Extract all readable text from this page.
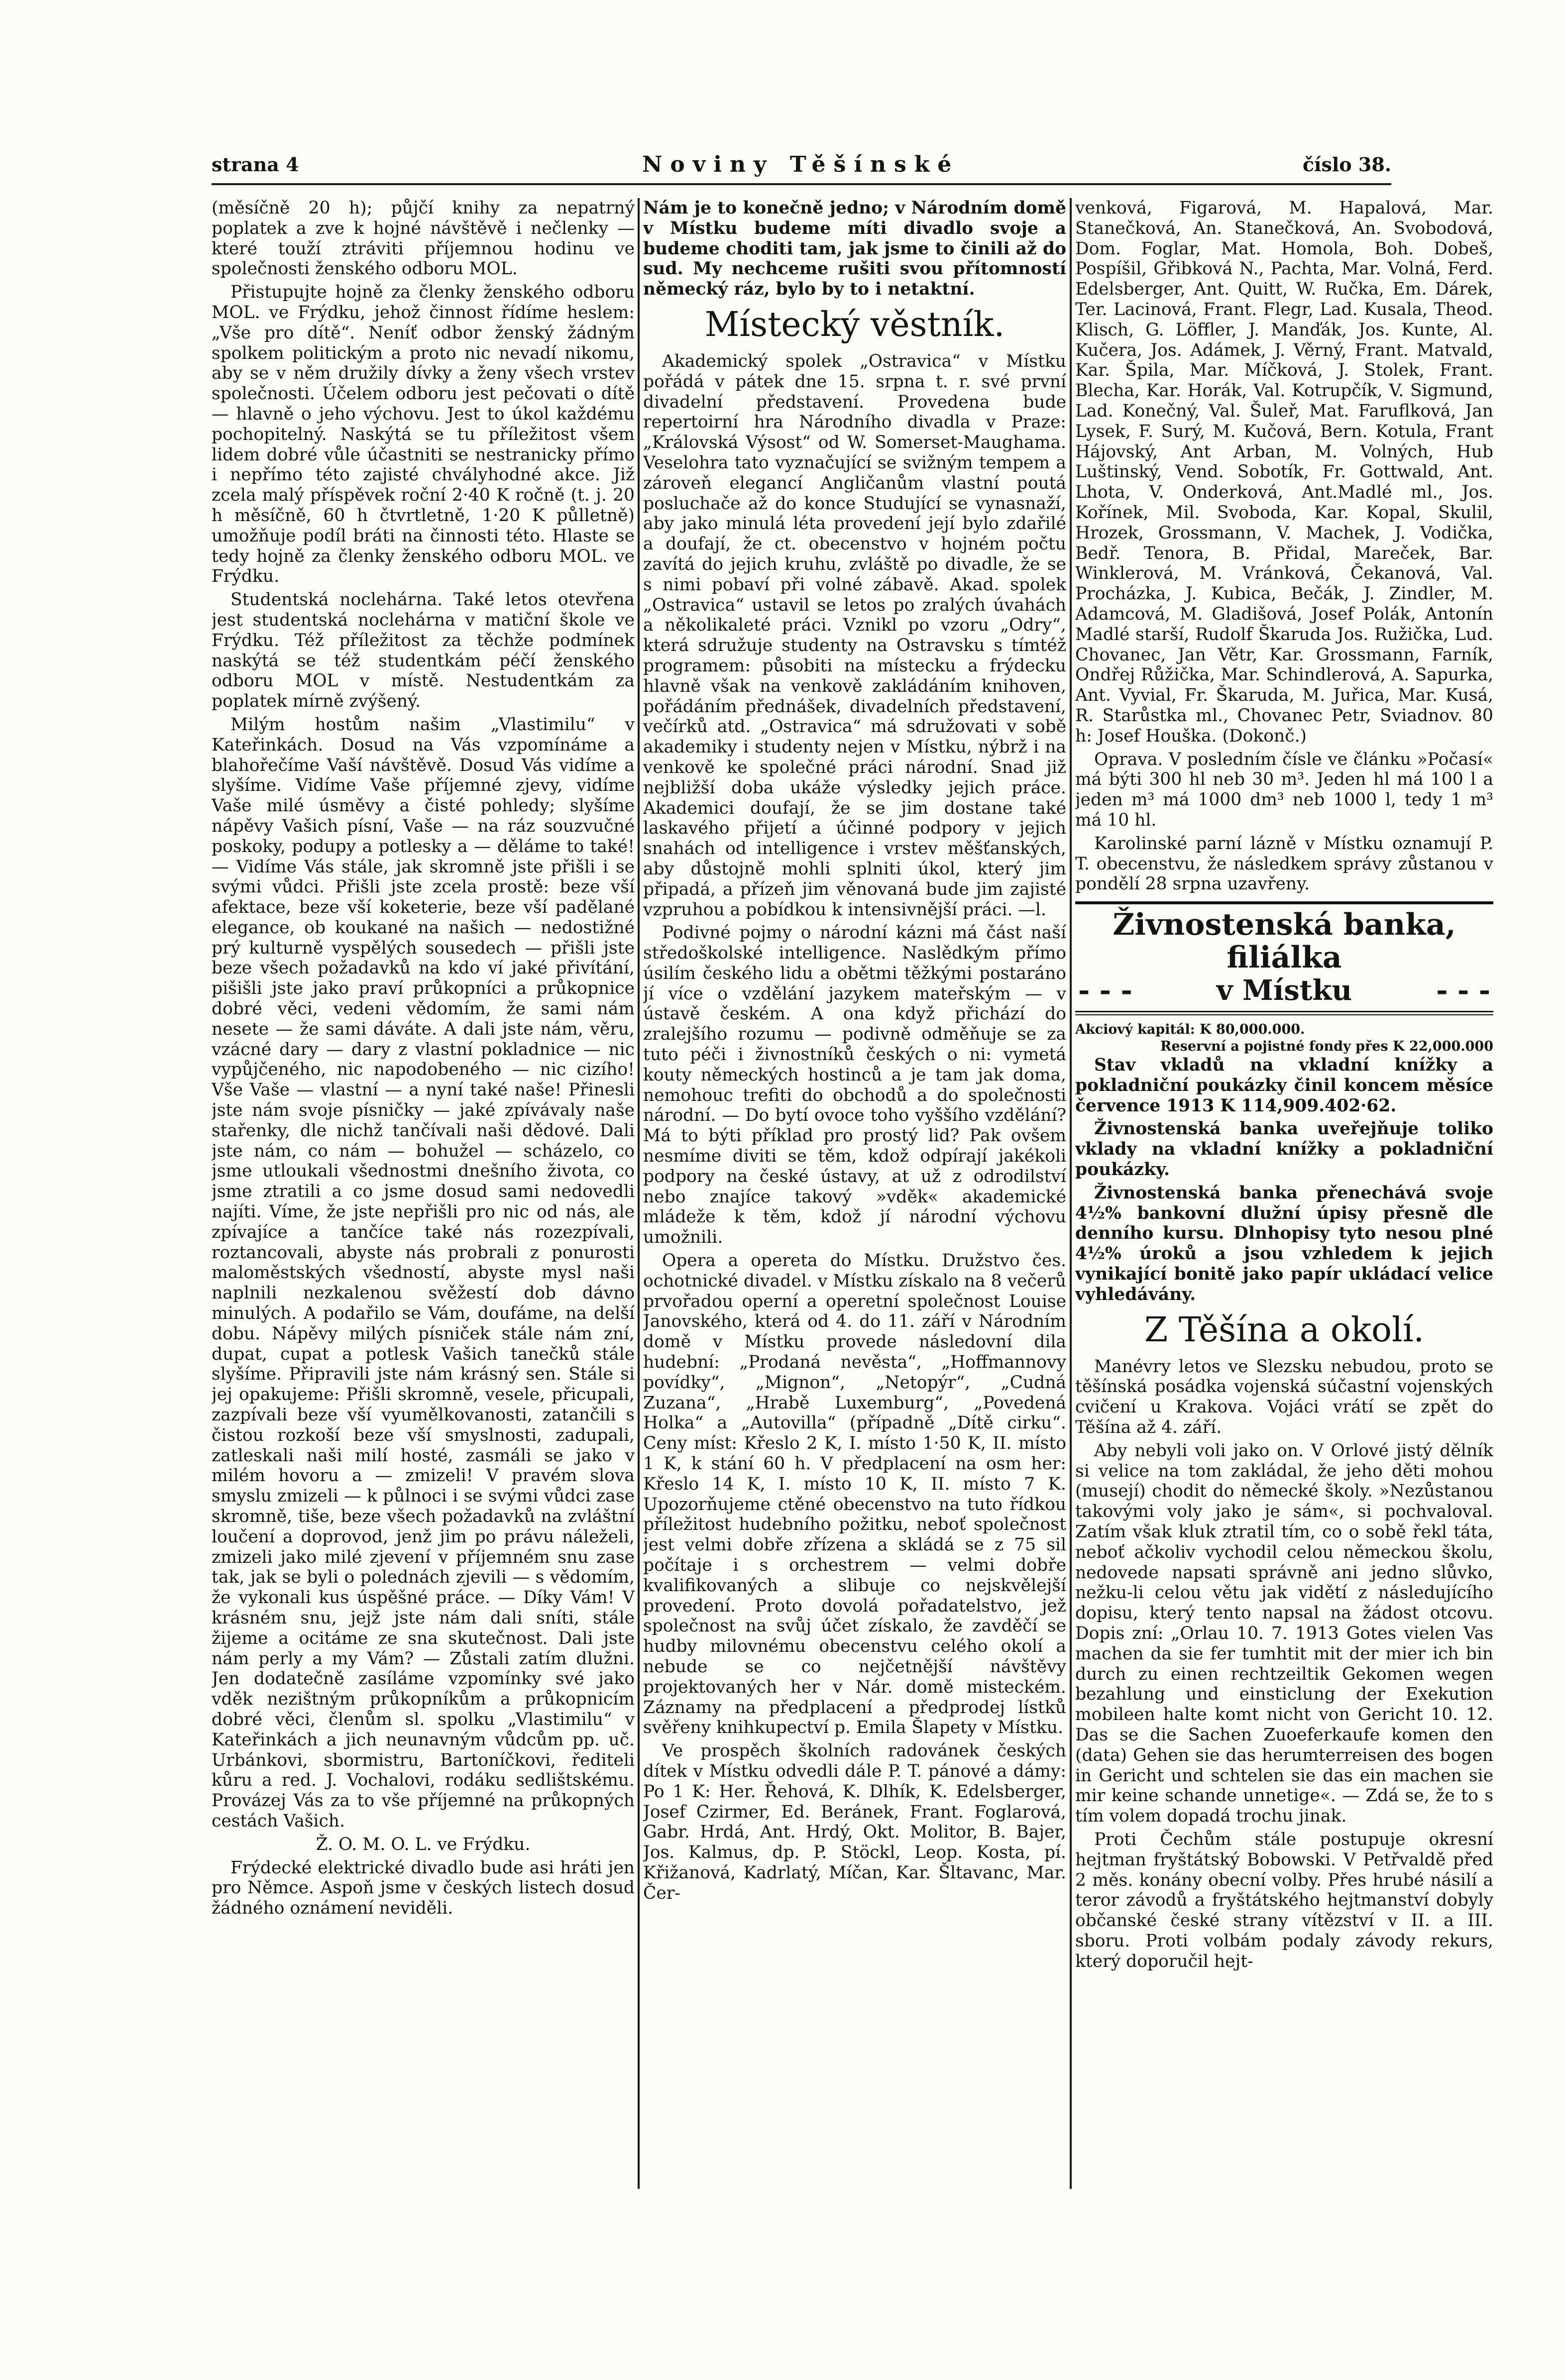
strana 4	Noviny Těšínské	číslo 38.

(měsíčně 20 h); půjčí knihy za nepatrný poplatek a zve k hojné návštěvě i nečlenky — které touží ztráviti příjemnou hodinu ve společnosti ženského odboru MOL.

Přistupujte hojně za členky ženského odboru MOL. ve Frýdku, jehož činnost řídíme heslem: „Vše pro dítě“. Neníť odbor ženský žádným spolkem politickým a proto nic nevadí nikomu, aby se v něm družily dívky a ženy všech vrstev společnosti. Účelem odboru jest pečovati o dítě — hlavně o jeho výchovu. Jest to úkol každému pochopitelný. Naskýtá se tu příležitost všem lidem dobré vůle účastniti se nestranicky přímo i nepřímo této zajisté chvályhodné akce. Již zcela malý příspěvek roční 2·40 K ročně (t. j. 20 h měsíčně, 60 h čtvrtletně, 1·20 K půlletně) umožňuje podíl bráti na činnosti této. Hlaste se tedy hojně za členky ženského odboru MOL. ve Frýdku.

Studentská noclehárna. Také letos otevřena jest studentská noclehárna v matiční škole ve Frýdku. Též příležitost za těchže podmínek naskýtá se též studentkám péčí ženského odboru MOL v místě. Nestudentkám za poplatek mírně zvýšený.

Milým hostům našim „Vlastimilu“ v Kateřinkách. Dosud na Vás vzpomínáme a blahořečíme Vaší návštěvě. Dosud Vás vidíme a slyšíme. Vidíme Vaše příjemné zjevy, vidíme Vaše milé úsměvy a čisté pohledy; slyšíme nápěvy Vašich písní, Vaše — na ráz souzvučné poskoky, podupy a potlesky a — děláme to také! — Vidíme Vás stále, jak skromně jste přišli i se svými vůdci. Přišli jste zcela prostě: beze vší afektace, beze vší koketerie, beze vší padělané elegance, ob koukané na našich — nedostižné prý kulturně vyspělých sousedech — přišli jste beze všech požadavků na kdo ví jaké přivítání, pišišli jste jako praví průkopníci a průkopnice dobré věci, vedeni vědomím, že sami nám nesete — že sami dáváte. A dali jste nám, věru, vzácné dary — dary z vlastní pokladnice — nic vypůjčeného, nic napodobeného — nic cizího! Vše Vaše — vlastní — a nyní také naše! Přinesli jste nám svoje písničky — jaké zpívávaly naše stařenky, dle nichž tančívali naši dědové. Dali jste nám, co nám — bohužel — scházelo, co jsme utloukali všednostmi dnešního života, co jsme ztratili a co jsme dosud sami nedovedli najíti. Víme, že jste nepřišli pro nic od nás, ale zpívajíce a tančíce také nás rozezpívali, roztancovali, abyste nás probrali z ponurosti maloměstských všedností, abyste mysl naši naplnili nezkalenou svěžestí dob dávno minulých. A podařilo se Vám, doufáme, na delší dobu. Nápěvy milých písniček stále nám zní, dupat, cupat a potlesk Vašich tanečků stále slyšíme. Připravili jste nám krásný sen. Stále si jej opakujeme: Přišli skromně, vesele, přicupali, zazpívali beze vší vyumělkovanosti, zatančili s čistou rozkoší beze vší smyslnosti, zadupali, zatleskali naši milí hosté, zasmáli se jako v milém hovoru a — zmizeli! V pravém slova smyslu zmizeli — k půlnoci i se svými vůdci zase skromně, tiše, beze všech požadavků na zvláštní loučení a doprovod, jenž jim po právu náleželi, zmizeli jako milé zjevení v příjemném snu zase tak, jak se byli o polednách zjevili — s vědomím, že vykonali kus úspěšné práce. — Díky Vám! V krásném snu, jejž jste nám dali sníti, stále žijeme a ocitáme ze sna skutečnost. Dali jste nám perly a my Vám? — Zůstali zatím dlužni. Jen dodatečně zasíláme vzpomínky své jako vděk nezištným průkopníkům a průkopnicím dobré věci, členům sl. spolku „Vlastimilu“ v Kateřinkách a jich neunavným vůdcům pp. uč. Urbánkovi, sbormistru, Bartoníčkovi, řediteli kůru a red. J. Vochalovi, rodáku sedlištskému. Provázej Vás za to vše příjemné na průkopných cestách Vašich.

Ž. O. M. O. L. ve Frýdku.

Frýdecké elektrické divadlo bude asi hráti jen pro Němce. Aspoň jsme v českých listech dosud žádného oznámení neviděli.

Nám je to konečně jedno; v Národním domě v Místku budeme míti divadlo svoje a budeme choditi tam, jak jsme to činili až do sud. My nechceme rušiti svou přítomností německý ráz, bylo by to i netaktní.

Místecký věstník.

Akademický spolek „Ostravica“ v Místku pořádá v pátek dne 15. srpna t. r. své první divadelní představení. Provedena bude repertoirní hra Národního divadla v Praze: „Královská Výsost“ od W. Somerset-Maughama. Veselohra tato vyznačující se svižným tempem a zároveň elegancí Angličanům vlastní poutá posluchače až do konce Studující se vynasnaží, aby jako minulá léta provedení její bylo zdařilé a doufají, že ct. obecenstvo v hojném počtu zavítá do jejich kruhu, zvláště po divadle, že se s nimi pobaví při volné zábavě. Akad. spolek „Ostravica“ ustavil se letos po zralých úvahách a několikaleté práci. Vznikl po vzoru „Odry“, která sdružuje studenty na Ostravsku s tímtéž programem: působiti na místecku a frýdecku hlavně však na venkově zakládáním knihoven, pořádáním přednášek, divadelních představení, večírků atd. „Ostravica“ má sdružovati v sobě akademiky i studenty nejen v Místku, nýbrž i na venkově ke společné práci národní. Snad již nejbližší doba ukáže výsledky jejich práce. Akademici doufají, že se jim dostane také laskavého přijetí a účinné podpory v jejich snahách od intelligence i vrstev měšťanských, aby důstojně mohli splniti úkol, který jim připadá, a přízeň jim věnovaná bude jim zajisté vzpruhou a pobídkou k intensivnější práci. —l.

Podivné pojmy o národní kázni má část naší středoškolské intelligence. Naslědkým přímo úsilím českého lidu a obětmi těžkými postaráno jí více o vzdělání jazykem mateřským — v ústavě českém. A ona když přichází do zralejšího rozumu — podivně odměňuje se za tuto péči i živnostníků českých o ni: vymetá kouty německých hostinců a je tam jak doma, nemohouc trefiti do obchodů a do společnosti národní. — Do bytí ovoce toho vyššího vzdělání? Má to býti příklad pro prostý lid? Pak ovšem nesmíme diviti se těm, kdož odpírají jakékoli podpory na české ústavy, at už z odrodilství nebo znajíce takový »vděk« akademické mládeže k těm, kdož jí národní výchovu umožnili.

Opera a opereta do Místku. Družstvo čes. ochotnické divadel. v Místku získalo na 8 večerů prvořadou operní a operetní společnost Louise Janovského, která od 4. do 11. září v Národním domě v Místku provede následovní dila hudební: „Prodaná nevěsta“, „Hoffmannovy povídky“, „Mignon“, „Netopýr“, „Cudná Zuzana“, „Hrabě Luxemburg“, „Povedená Holka“ a „Autovilla“ (případně „Dítě cirku“. Ceny míst: Křeslo 2 K, I. místo 1·50 K, II. místo 1 K, k stání 60 h. V předplacení na osm her: Křeslo 14 K, I. místo 10 K, II. místo 7 K. Upozorňujeme ctěné obecenstvo na tuto řídkou příležitost hudebního požitku, neboť společnost jest velmi dobře zřízena a skládá se z 75 sil počítaje i s orchestrem — velmi dobře kvalifikovaných a slibuje co nejskvělejší provedení. Proto dovolá pořadatelstvo, jež společnost na svůj účet získalo, že zavděčí se hudby milovnému obecenstvu celého okolí a nebude se co nejčetnější návštěvy projektovaných her v Nár. domě misteckém. Záznamy na předplacení a předprodej lístků svěřeny knihkupectví p. Emila Šlapety v Místku.

Ve prospěch školních radovánek českých dítek v Místku odvedli dále P. T. pánové a dámy: Po 1 K: Her. Řehová, K. Dlhík, K. Edelsberger, Josef Czirmer, Ed. Beránek, Frant. Foglarová, Gabr. Hrdá, Ant. Hrdý, Okt. Molitor, B. Bajer, Jos. Kalmus, dp. P. Stöckl, Leop. Kosta, pí. Křižanová, Kadrlatý, Míčan, Kar. Šltavanc, Mar. Čer-

venková, Figarová, M. Hapalová, Mar. Stanečková, An. Stanečková, An. Svobodová, Dom. Foglar, Mat. Homola, Boh. Dobeš, Pospíšil, Gřibková N., Pachta, Mar. Volná, Ferd. Edelsberger, Ant. Quitt, W. Ručka, Em. Dárek, Ter. Lacinová, Frant. Flegr, Lad. Kusala, Theod. Klisch, G. Löffler, J. Manďák, Jos. Kunte, Al. Kučera, Jos. Adámek, J. Věrný, Frant. Matvald, Kar. Špila, Mar. Míčková, J. Stolek, Frant. Blecha, Kar. Horák, Val. Kotrupčík, V. Sigmund, Lad. Konečný, Val. Šuleř, Mat. Faruflková, Jan Lysek, F. Surý, M. Kučová, Bern. Kotula, Frant Hájovský, Ant Arban, M. Volných, Hub Luštinský, Vend. Sobotík, Fr. Gottwald, Ant. Lhota, V. Onderková, Ant.Madlé ml., Jos. Kořínek, Mil. Svoboda, Kar. Kopal, Skulil, Hrozek, Grossmann, V. Machek, J. Vodička, Bedř. Tenora, B. Přidal, Mareček, Bar. Winklerová, M. Vránková, Čekanová, Val. Procházka, J. Kubica, Bečák, J. Zindler, M. Adamcová, M. Gladišová, Josef Polák, Antonín Madlé starší, Rudolf Škaruda Jos. Ružička, Lud. Chovanec, Jan Větr, Kar. Grossmann, Farník, Ondřej Růžička, Mar. Schindlerová, A. Sapurka, Ant. Vyvial, Fr. Škaruda, M. Juřica, Mar. Kusá, R. Starůstka ml., Chovanec Petr, Sviadnov. 80 h: Josef Houška. (Dokonč.)

Oprava. V posledním čísle ve článku »Počasí« má býti 300 hl neb 30 m³. Jeden hl má 100 l a jeden m³ má 1000 dm³ neb 1000 l, tedy 1 m³ má 10 hl.

Karolinské parní lázně v Místku oznamují P. T. obecenstvu, že následkem správy zůstanou v pondělí 28 srpna uzavřeny.

Živnostenská banka, filiálka
- - -	v Místku	- - -
Akciový kapitál: K 80,000.000.
Reservní a pojistné fondy přes K 22,000.000

Stav vkladů na vkladní knížky a pokladniční poukázky činil koncem měsíce července 1913 K 114,909.402·62.

Živnostenská banka uveřejňuje toliko vklady na vkladní knížky a pokladniční poukázky.

Živnostenská banka přenechává svoje 4½% bankovní dlužní úpisy přesně dle denního kursu. Dlnhopisy tyto nesou plné 4½% úroků a jsou vzhledem k jejich vynikající bonitě jako papír ukládací velice vyhledávány.

Z Těšína a okolí.

Manévry letos ve Slezsku nebudou, proto se těšínská posádka vojenská súčastní vojenských cvičení u Krakova. Vojáci vrátí se zpět do Těšína až 4. září.

Aby nebyli voli jako on. V Orlové jistý dělník si velice na tom zakládal, že jeho děti mohou (musejí) chodit do německé školy. »Nezůstanou takovými voly jako je sám«, si pochvaloval. Zatím však kluk ztratil tím, co o sobě řekl táta, neboť ačkoliv vychodil celou německou školu, nedovede napsati správně ani jedno slůvko, nežku-li celou větu jak vidětí z následujícího dopisu, který tento napsal na žádost otcovu. Dopis zní: „Orlau 10. 7. 1913 Gotes vielen Vas machen da sie fer tumhtit mit der mier ich bin durch zu einen rechtzeiltik Gekomen wegen bezahlung und einsticlung der Exekution mobileen halte komt nicht von Gericht 10. 12. Das se die Sachen Zuoeferkaufe komen den (data) Gehen sie das herumterreisen des bogen in Gericht und schtelen sie das ein machen sie mir keine schande unnetige«. — Zdá se, že to s tím volem dopadá trochu jinak.

Proti Čechům stále postupuje okresní hejtman fryštátský Bobowski. V Petřvaldě před 2 měs. konány obecní volby. Přes hrubé násilí a teror závodů a fryštátského hejtmanství dobyly občanské české strany vítězství v II. a III. sboru. Proti volbám podaly závody rekurs, který doporučil hejt-
